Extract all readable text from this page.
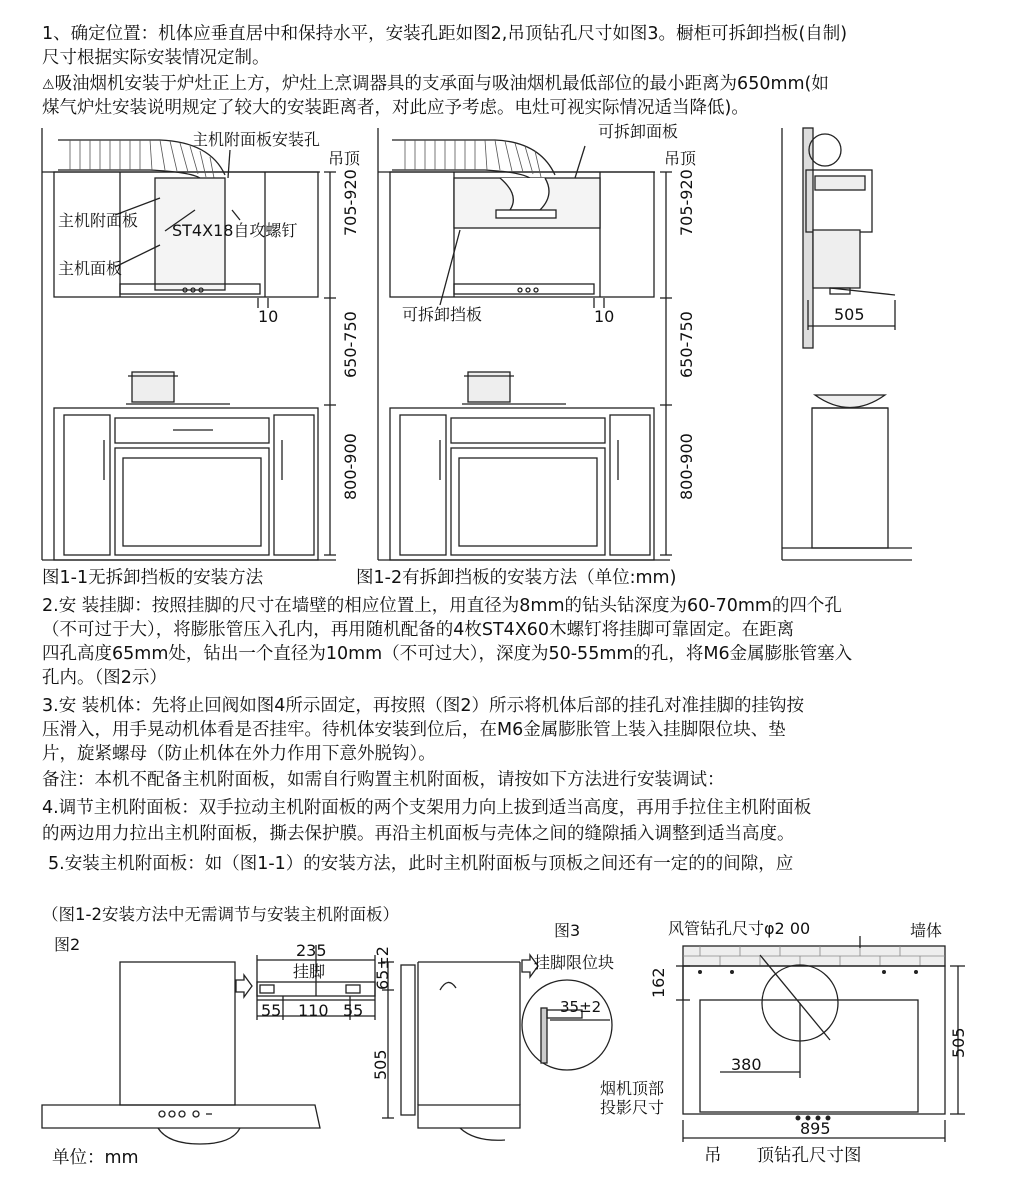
1、确定位置：机体应垂直居中和保持水平，安装孔距如图2,吊顶钻孔尺寸如图3。橱柜可拆卸挡板(自制)
尺寸根据实际安装情况定制。
⚠吸油烟机安装于炉灶正上方，炉灶上烹调器具的支承面与吸油烟机最低部位的最小距离为650mm(如
煤气炉灶安装说明规定了较大的安装距离者，对此应予考虑。电灶可视实际情况适当降低)。
主机附面板安装孔
吊顶
主机附面板
ST4X18自攻螺钉
主机面板
10
705-920
650-750
800-900
可拆卸面板
吊顶
可拆卸挡板	10
705-920
650-750
800-900
505
图1-1无拆卸挡板的安装方法	图1-2有拆卸挡板的安装方法（单位:mm)
2.安 装挂脚：按照挂脚的尺寸在墙壁的相应位置上，用直径为8mm的钻头钻深度为60-70mm的四个孔
（不可过于大），将膨胀管压入孔内，再用随机配备的4枚ST4X60木螺钉将挂脚可靠固定。在距离
四孔高度65mm处，钻出一个直径为10mm（不可过大），深度为50-55mm的孔，将M6金属膨胀管塞入
孔内。（图2示）
3.安 装机体：先将止回阀如图4所示固定，再按照（图2）所示将机体后部的挂孔对准挂脚的挂钩按
压滑入，用手晃动机体看是否挂牢。待机体安装到位后，在M6金属膨胀管上装入挂脚限位块、垫
片，旋紧螺母（防止机体在外力作用下意外脱钩）。
备注：本机不配备主机附面板，如需自行购置主机附面板，请按如下方法进行安装调试：
4.调节主机附面板：双手拉动主机附面板的两个支架用力向上拔到适当高度，再用手拉住主机附面板
的两边用力拉出主机附面板，撕去保护膜。再沿主机面板与壳体之间的缝隙插入调整到适当高度。
5.安装主机附面板：如（图1-1）的安装方法，此时主机附面板与顶板之间还有一定的的间隙，应
（图1-2安装方法中无需调节与安装主机附面板）
图2	235
挂脚	65±2
55 110 55
505
单位：mm
图3
挂脚限位块
35±2
风管钻孔尺寸φ2 00	墙体
162
380
505
烟机顶部
投影尺寸
895
吊　　顶钻孔尺寸图
